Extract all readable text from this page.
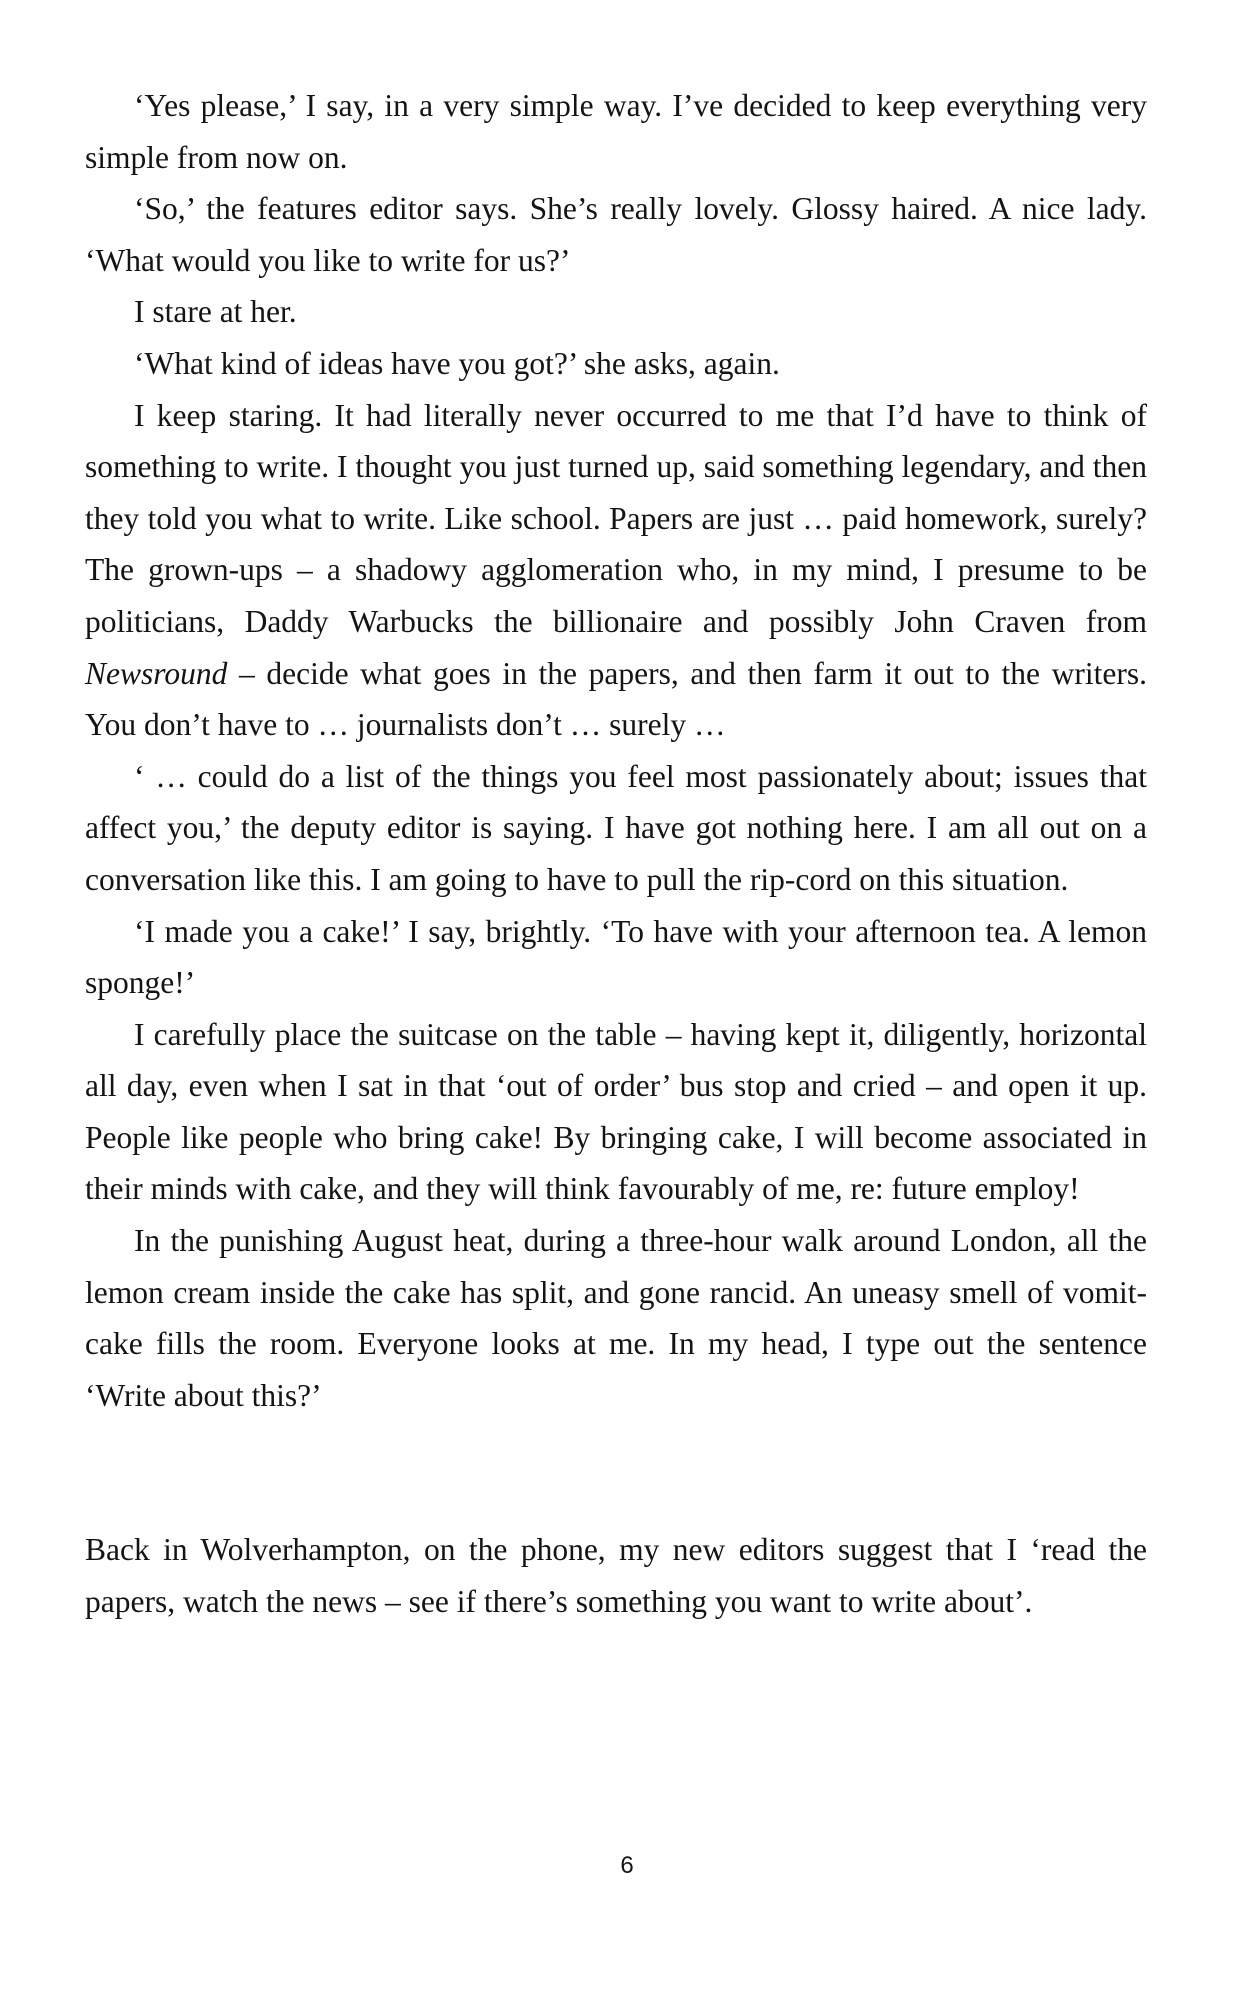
‘Yes please,’ I say, in a very simple way. I’ve decided to keep everything very simple from now on.

‘So,’ the features editor says. She’s really lovely. Glossy haired. A nice lady. ‘What would you like to write for us?’

I stare at her.

‘What kind of ideas have you got?’ she asks, again.

I keep staring. It had literally never occurred to me that I’d have to think of something to write. I thought you just turned up, said something legendary, and then they told you what to write. Like school. Papers are just … paid homework, surely? The grown-ups – a shadowy agglomeration who, in my mind, I presume to be politicians, Daddy Warbucks the billionaire and possibly John Craven from Newsround – decide what goes in the papers, and then farm it out to the writers. You don’t have to … journalists don’t … surely …

‘ … could do a list of the things you feel most passionately about; issues that affect you,’ the deputy editor is saying. I have got nothing here. I am all out on a conversation like this. I am going to have to pull the rip-cord on this situation.

‘I made you a cake!’ I say, brightly. ‘To have with your afternoon tea. A lemon sponge!’

I carefully place the suitcase on the table – having kept it, diligently, horizontal all day, even when I sat in that ‘out of order’ bus stop and cried – and open it up. People like people who bring cake! By bringing cake, I will become associated in their minds with cake, and they will think favourably of me, re: future employ!

In the punishing August heat, during a three-hour walk around London, all the lemon cream inside the cake has split, and gone rancid. An uneasy smell of vomit-cake fills the room. Everyone looks at me. In my head, I type out the sentence ‘Write about this?’

Back in Wolverhampton, on the phone, my new editors suggest that I ‘read the papers, watch the news – see if there’s something you want to write about’.

6
